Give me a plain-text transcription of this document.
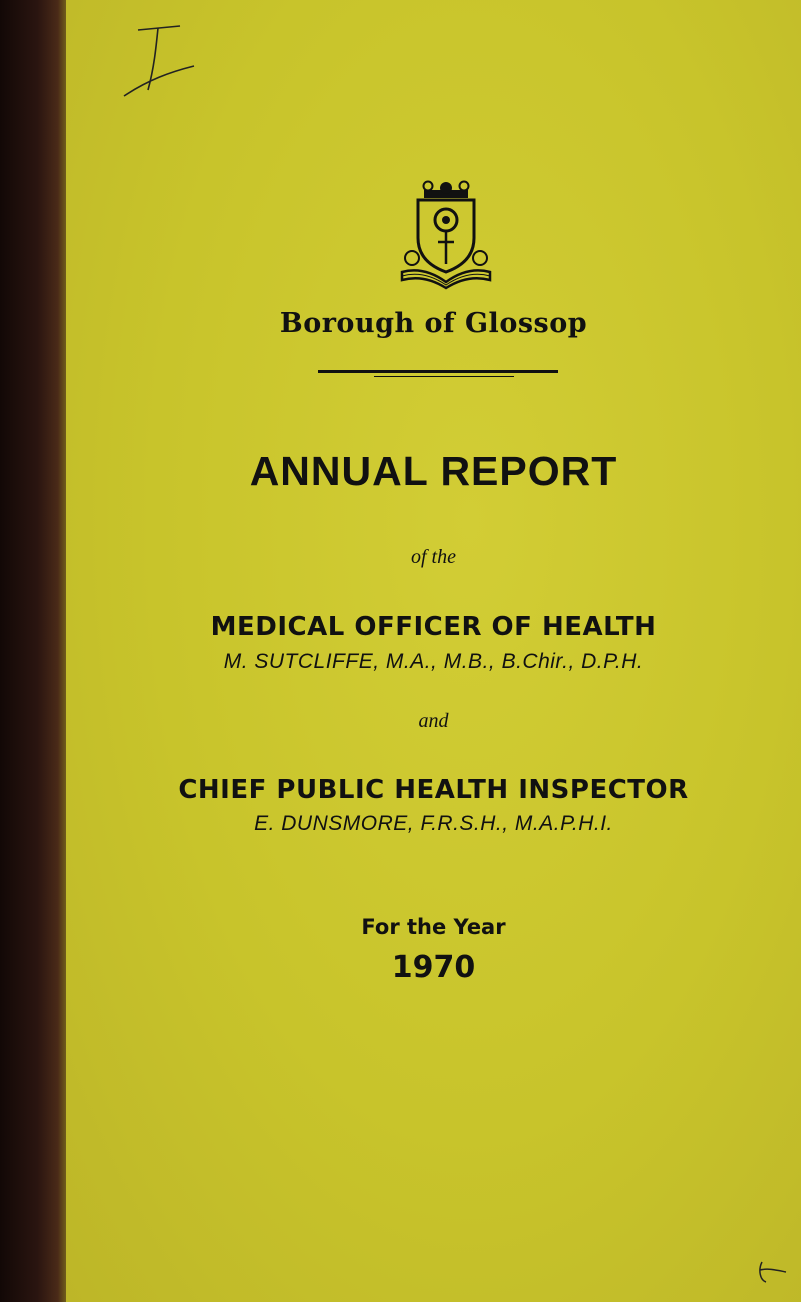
Borough of Glossop
ANNUAL REPORT

of the

MEDICAL OFFICER OF HEALTH

M. SUTCLIFFE, M.A., M.B., B.Chir., D.P.H.

and

CHIEF PUBLIC HEALTH INSPECTOR

E. DUNSMORE, F.R.S.H., M.A.P.H.I.

For the Year

1970
